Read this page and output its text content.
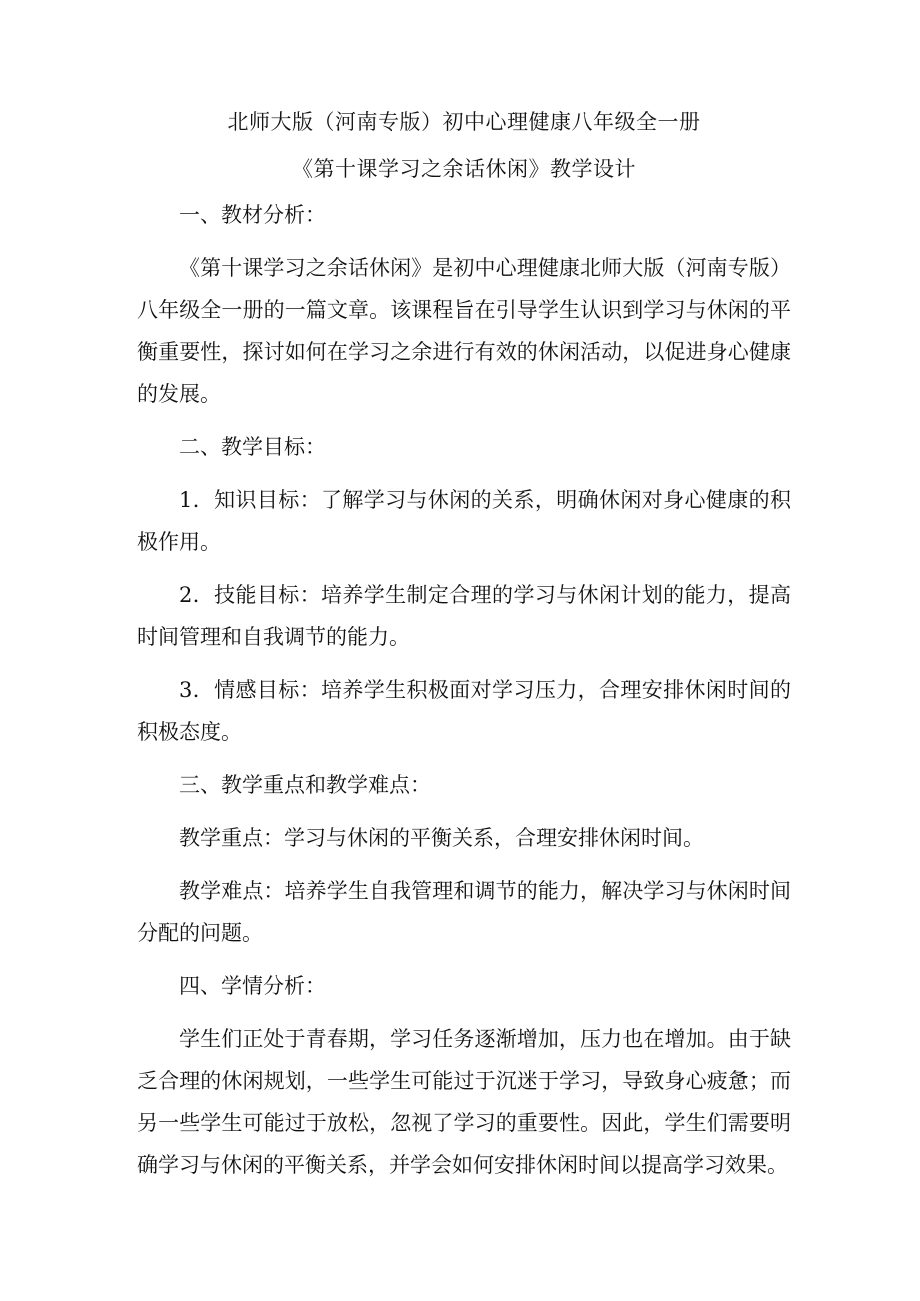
北师大版（河南专版）初中心理健康八年级全一册
《第十课学习之余话休闲》教学设计

一、教材分析：

《第十课学习之余话休闲》是初中心理健康北师大版（河南专版）八年级全一册的一篇文章。该课程旨在引导学生认识到学习与休闲的平衡重要性，探讨如何在学习之余进行有效的休闲活动，以促进身心健康的发展。

二、教学目标：

1．知识目标：了解学习与休闲的关系，明确休闲对身心健康的积极作用。

2．技能目标：培养学生制定合理的学习与休闲计划的能力，提高时间管理和自我调节的能力。

3．情感目标：培养学生积极面对学习压力，合理安排休闲时间的积极态度。

三、教学重点和教学难点：

教学重点：学习与休闲的平衡关系，合理安排休闲时间。

教学难点：培养学生自我管理和调节的能力，解决学习与休闲时间分配的问题。

四、学情分析：

学生们正处于青春期，学习任务逐渐增加，压力也在增加。由于缺乏合理的休闲规划，一些学生可能过于沉迷于学习，导致身心疲惫；而另一些学生可能过于放松，忽视了学习的重要性。因此，学生们需要明确学习与休闲的平衡关系，并学会如何安排休闲时间以提高学习效果。
